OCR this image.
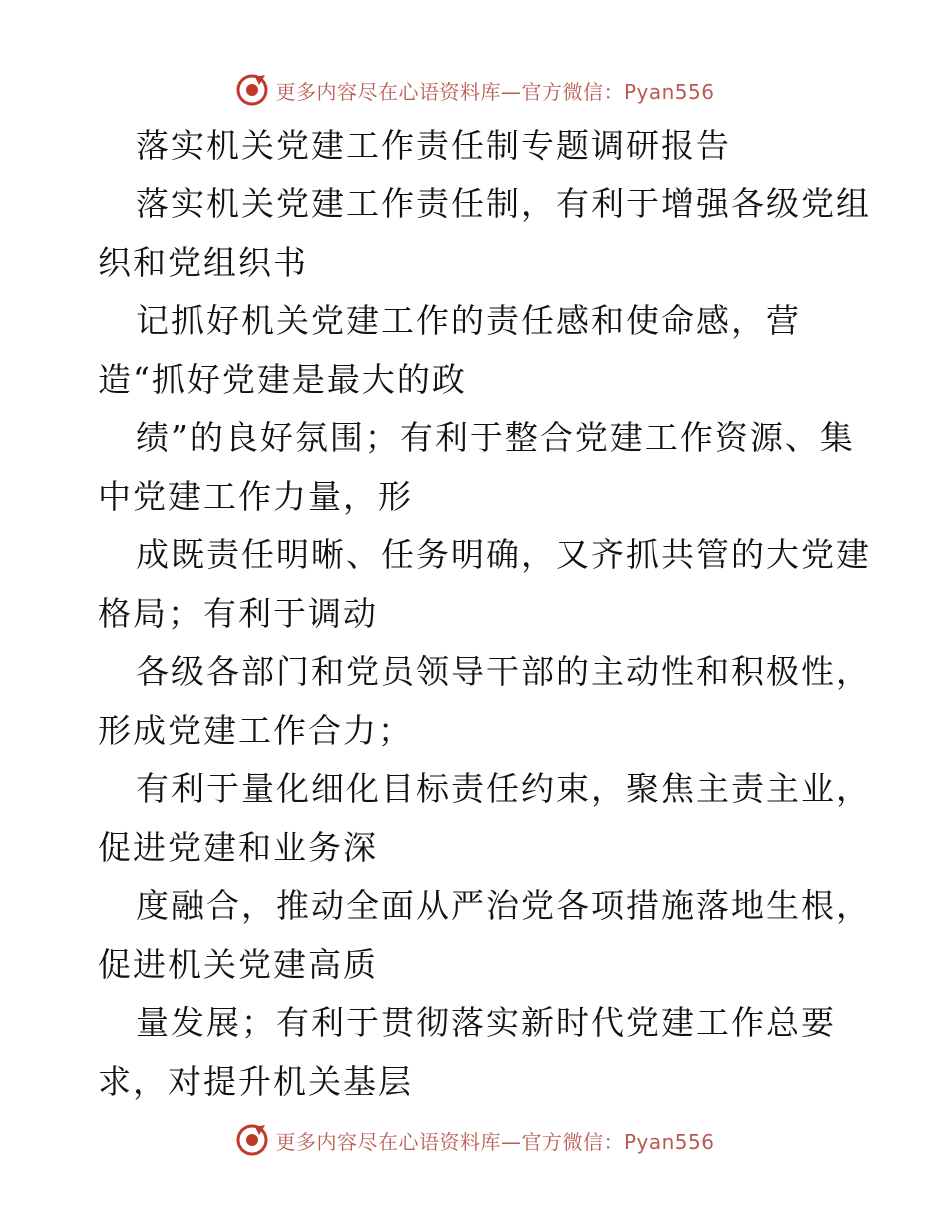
更多内容尽在心语资料库—官方微信：Pyan556
落实机关党建工作责任制专题调研报告
落实机关党建工作责任制，有利于增强各级党组
织和党组织书
记抓好机关党建工作的责任感和使命感，营
造“抓好党建是最大的政
绩”的良好氛围；有利于整合党建工作资源、集
中党建工作力量，形
成既责任明晰、任务明确，又齐抓共管的大党建
格局；有利于调动
各级各部门和党员领导干部的主动性和积极性，
形成党建工作合力；
有利于量化细化目标责任约束，聚焦主责主业，
促进党建和业务深
度融合，推动全面从严治党各项措施落地生根，
促进机关党建高质
量发展；有利于贯彻落实新时代党建工作总要
求，对提升机关基层
更多内容尽在心语资料库—官方微信：Pyan556
